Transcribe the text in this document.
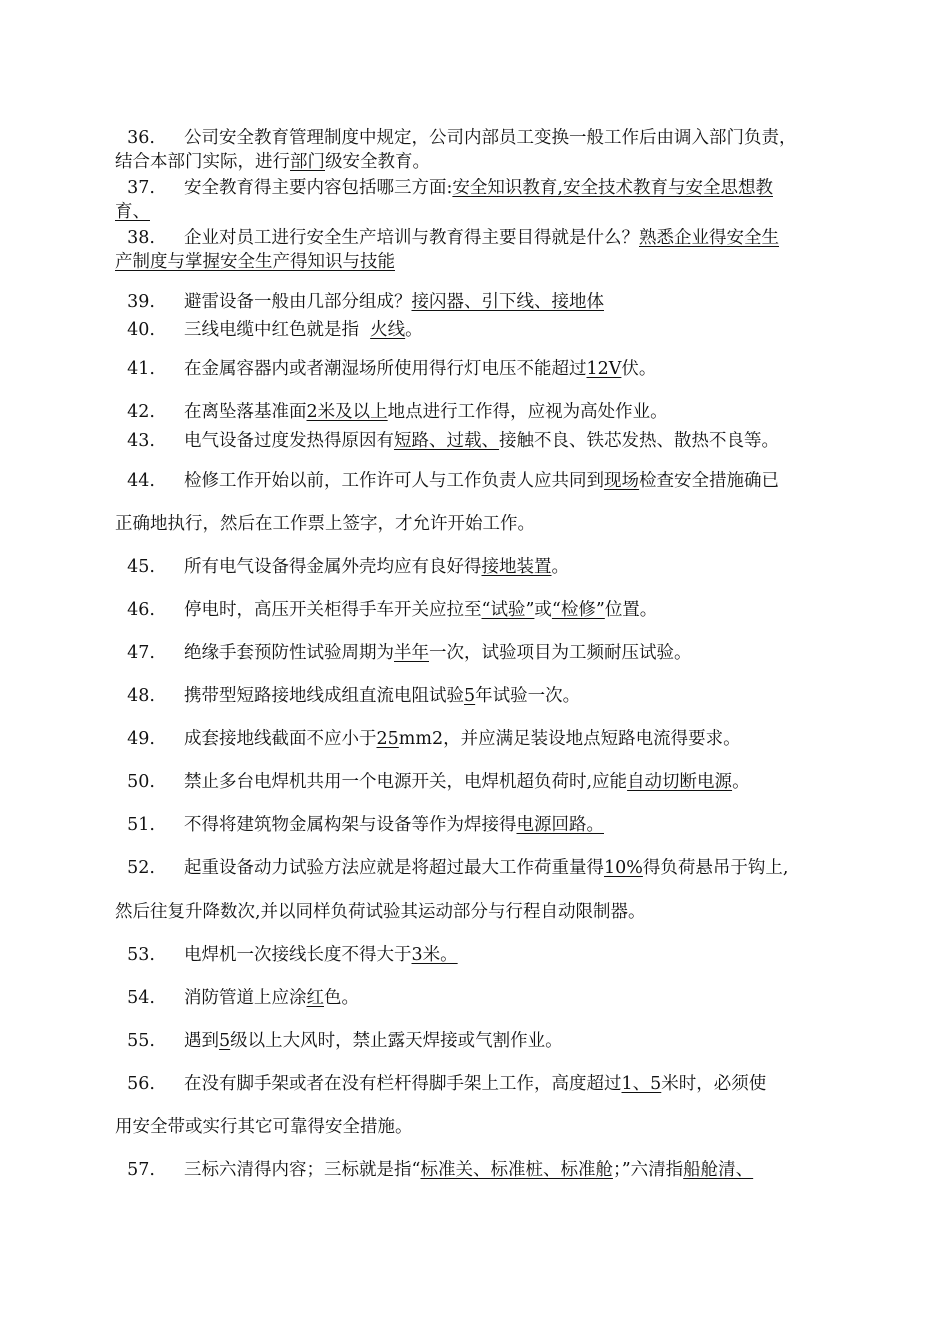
36. 公司安全教育管理制度中规定，公司内部员工变换一般工作后由调入部门负责，
结合本部门实际，进行部门级安全教育。
37. 安全教育得主要内容包括哪三方面:安全知识教育,安全技术教育与安全思想教
育、
38. 企业对员工进行安全生产培训与教育得主要目得就是什么？熟悉企业得安全生
产制度与掌握安全生产得知识与技能
39. 避雷设备一般由几部分组成？接闪器、引下线、接地体
40. 三线电缆中红色就是指  火线。
41. 在金属容器内或者潮湿场所使用得行灯电压不能超过12V伏。
42. 在离坠落基准面2米及以上地点进行工作得，应视为高处作业。
43. 电气设备过度发热得原因有短路、过载、接触不良、铁芯发热、散热不良等。
44. 检修工作开始以前，工作许可人与工作负责人应共同到现场检查安全措施确已
正确地执行，然后在工作票上签字，才允许开始工作。
45. 所有电气设备得金属外壳均应有良好得接地装置。
46. 停电时，高压开关柜得手车开关应拉至“试验”或“检修”位置。
47. 绝缘手套预防性试验周期为半年一次，试验项目为工频耐压试验。
48. 携带型短路接地线成组直流电阻试验5年试验一次。
49. 成套接地线截面不应小于25mm2，并应满足装设地点短路电流得要求。
50. 禁止多台电焊机共用一个电源开关，电焊机超负荷时,应能自动切断电源。
51. 不得将建筑物金属构架与设备等作为焊接得电源回路。
52. 起重设备动力试验方法应就是将超过最大工作荷重量得10%得负荷悬吊于钩上,
然后往复升降数次,并以同样负荷试验其运动部分与行程自动限制器。
53. 电焊机一次接线长度不得大于3米。
54. 消防管道上应涂红色。
55. 遇到5级以上大风时，禁止露天焊接或气割作业。
56. 在没有脚手架或者在没有栏杆得脚手架上工作，高度超过1、5米时，必须使
用安全带或实行其它可靠得安全措施。
57. 三标六清得内容；三标就是指“标准关、标准桩、标准舱；”六清指船舱清、
